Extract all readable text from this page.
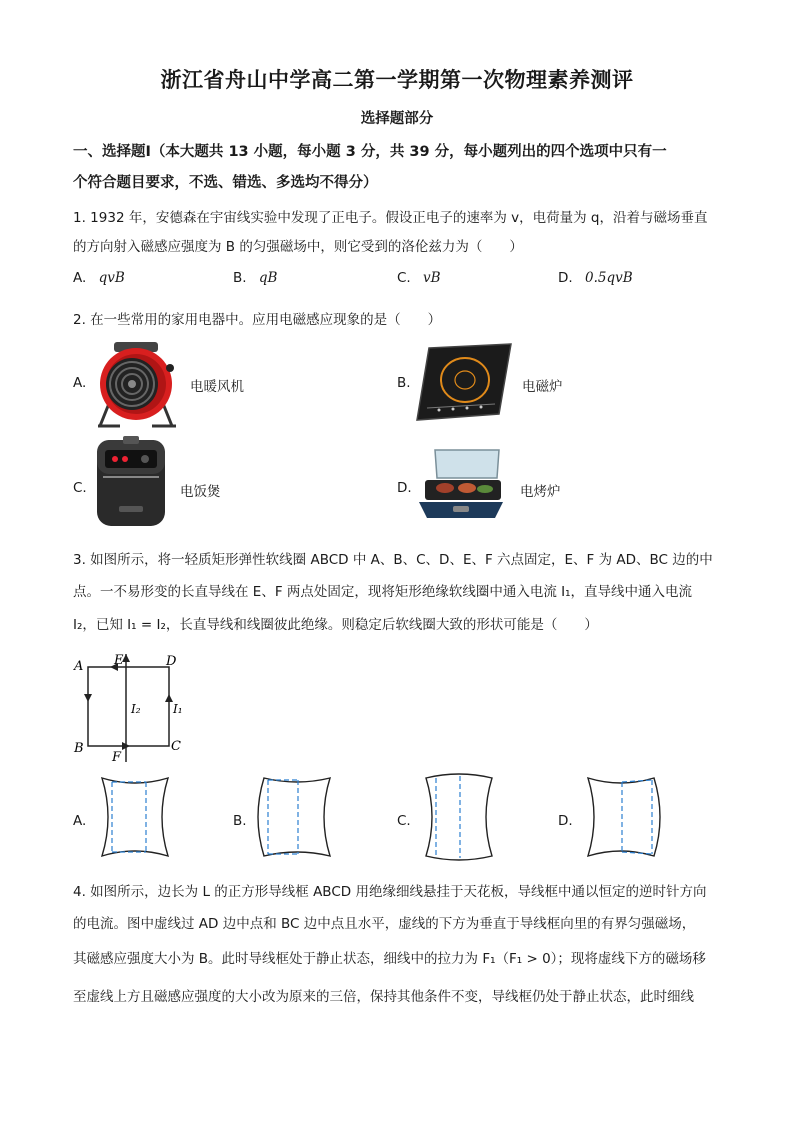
浙江省舟山中学高二第一学期第一次物理素养测评
选择题部分
一、选择题Ⅰ（本大题共 13 小题，每小题 3 分，共 39 分，每小题列出的四个选项中只有一
个符合题目要求，不选、错选、多选均不得分）
1. 1932 年，安德森在宇宙线实验中发现了正电子。假设正电子的速率为 v，电荷量为 q，沿着与磁场垂直
的方向射入磁感应强度为 B 的匀强磁场中，则它受到的洛伦兹力为（　　）
A. qvB	B. qB	C. vB	D. 0.5qvB
2. 在一些常用的家用电器中。应用电磁感应现象的是（　　）
A.	电暖风机	B.	电磁炉
C.	电饭煲	D.	电烤炉
3. 如图所示，将一轻质矩形弹性软线圈 ABCD 中 A、B、C、D、E、F 六点固定，E、F 为 AD、BC 边的中
点。一不易形变的长直导线在 E、F 两点处固定，现将矩形绝缘软线圈中通入电流 I₁，直导线中通入电流
I₂，已知 I₁ = I₂，长直导线和线圈彼此绝缘。则稳定后软线圈大致的形状可能是（　　）
A E	D
B	C
F
I₂	I₁
A.	B.	C.	D.
4. 如图所示，边长为 L 的正方形导线框 ABCD 用绝缘细线悬挂于天花板，导线框中通以恒定的逆时针方向
的电流。图中虚线过 AD 边中点和 BC 边中点且水平，虚线的下方为垂直于导线框向里的有界匀强磁场，
其磁感应强度大小为 B。此时导线框处于静止状态，细线中的拉力为 F₁（F₁ > 0）；现将虚线下方的磁场移
至虚线上方且磁感应强度的大小改为原来的三倍，保持其他条件不变，导线框仍处于静止状态，此时细线
